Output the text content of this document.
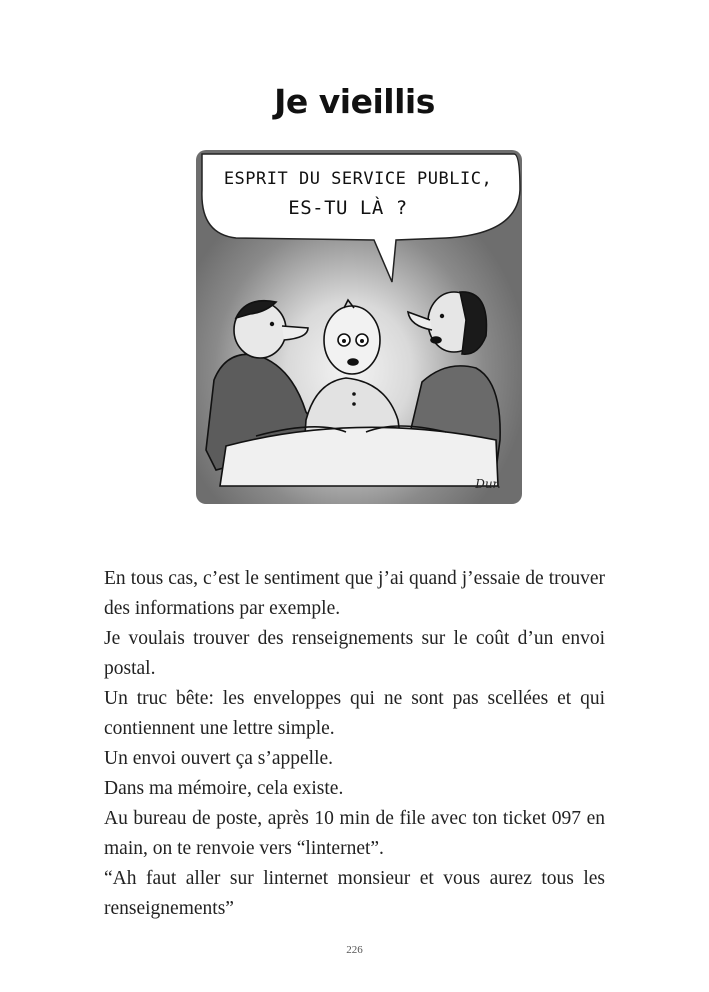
Je vieillis
ESPRIT DU SERVICE PUBLIC,
ES-TU LÀ ?
Dur.

En tous cas, c’est le sentiment que j’ai quand j’essaie de trouver des informations par exemple.

Je voulais trouver des renseignements sur le coût d’un envoi postal.

Un truc bête: les enveloppes qui ne sont pas scellées et qui contiennent une lettre simple.

Un envoi ouvert ça s’appelle.

Dans ma mémoire, cela existe.

Au bureau de poste, après 10 min de file avec ton ticket 097 en main, on te renvoie vers “linternet”.

“Ah faut aller sur linternet monsieur et vous aurez tous les renseignements”

226
